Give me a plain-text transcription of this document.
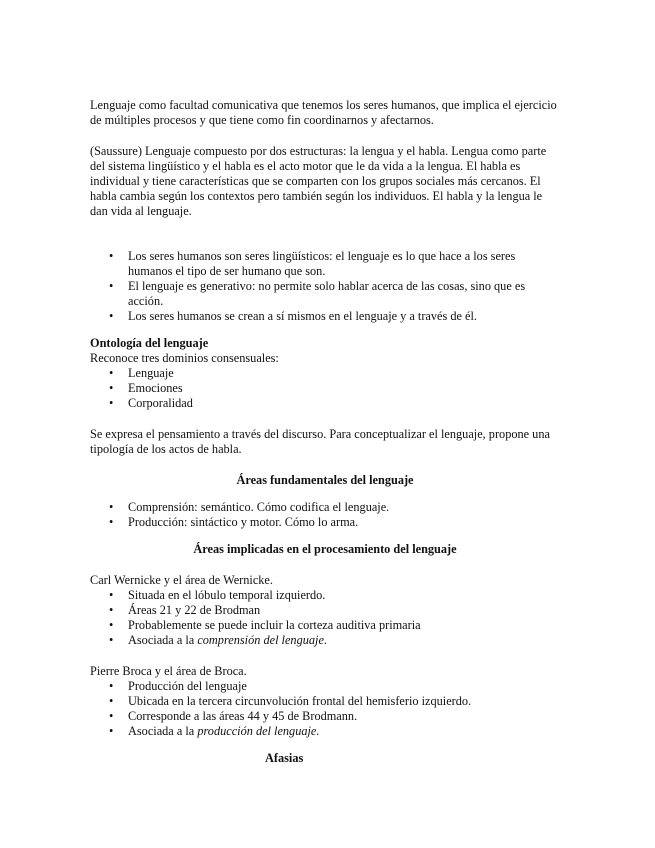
Lenguaje como facultad comunicativa que tenemos los seres humanos, que implica el ejercicio de múltiples procesos y que tiene como fin coordinarnos y afectarnos.

(Saussure) Lenguaje compuesto por dos estructuras: la lengua y el habla. Lengua como parte del sistema lingüístico y el habla es el acto motor que le da vida a la lengua. El habla es individual y tiene características que se comparten con los grupos sociales más cercanos. El habla cambia según los contextos pero también según los individuos. El habla y la lengua le dan vida al lenguaje.

• Los seres humanos son seres lingüísticos: el lenguaje es lo que hace a los seres humanos el tipo de ser humano que son.
• El lenguaje es generativo: no permite solo hablar acerca de las cosas, sino que es acción.
• Los seres humanos se crean a sí mismos en el lenguaje y a través de él.
Ontología del lenguaje

Reconoce tres dominios consensuales:

• Lenguaje
• Emociones
• Corporalidad

Se expresa el pensamiento a través del discurso. Para conceptualizar el lenguaje, propone una tipología de los actos de habla.

Áreas fundamentales del lenguaje
• Comprensión: semántico. Cómo codifica el lenguaje.
• Producción: sintáctico y motor. Cómo lo arma.
Áreas implicadas en el procesamiento del lenguaje

Carl Wernicke y el área de Wernicke.

• Situada en el lóbulo temporal izquierdo.
• Áreas 21 y 22 de Brodman
• Probablemente se puede incluir la corteza auditiva primaria
• Asociada a la comprensión del lenguaje.

Pierre Broca y el área de Broca.

• Producción del lenguaje
• Ubicada en la tercera circunvolución frontal del hemisferio izquierdo.
• Corresponde a las áreas 44 y 45 de Brodmann.
• Asociada a la producción del lenguaje.
Afasias
